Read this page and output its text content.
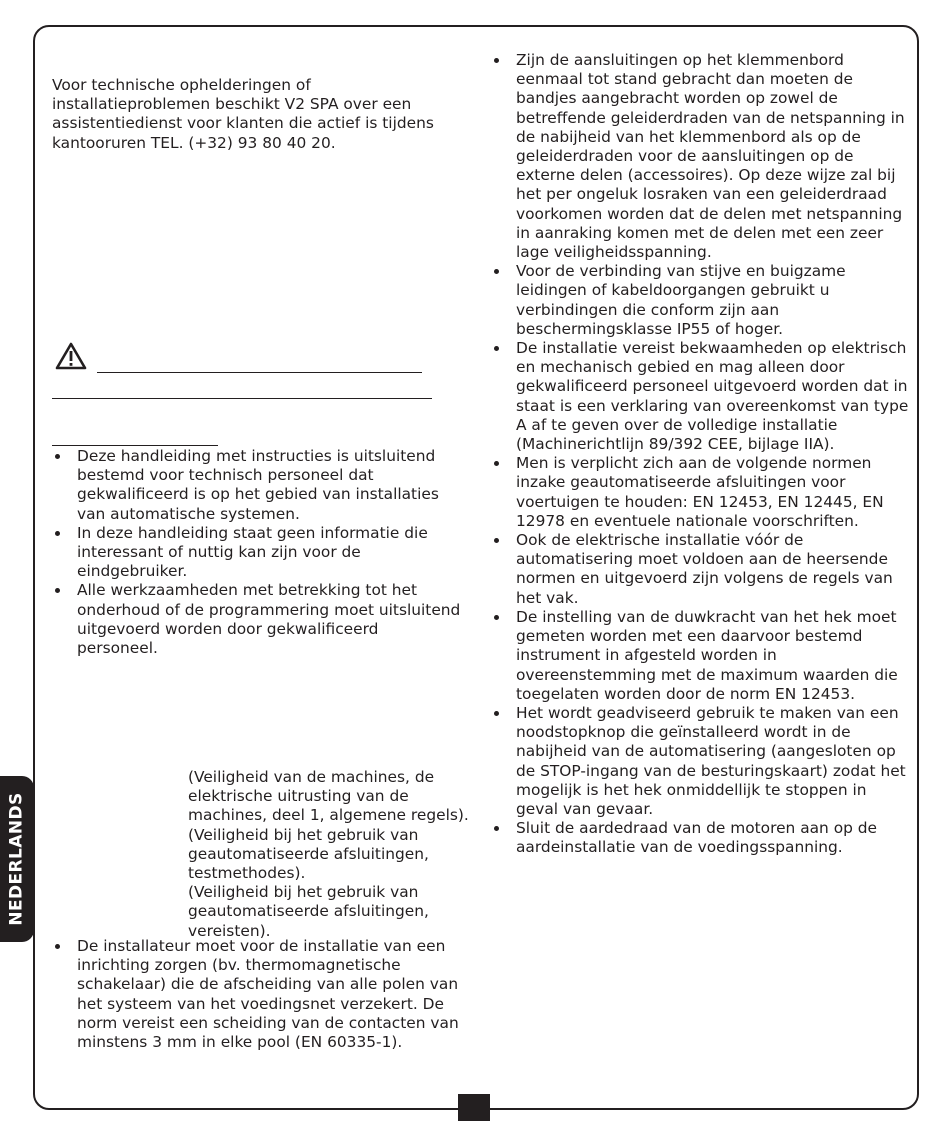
Voor technische ophelderingen of installatieproblemen beschikt V2 SPA over een assistentiedienst voor klanten die actief is tijdens kantooruren TEL. (+32) 93 80 40 20.

Deze handleiding met instructies is uitsluitend bestemd voor technisch personeel dat gekwalificeerd is op het gebied van installaties van automatische systemen.
In deze handleiding staat geen informatie die interessant of nuttig kan zijn voor de eindgebruiker.
Alle werkzaamheden met betrekking tot het onderhoud of de programmering moet uitsluitend uitgevoerd worden door gekwalificeerd personeel.

(Veiligheid van de machines, de elektrische uitrusting van de machines, deel 1, algemene regels).

(Veiligheid bij het gebruik van geautomatiseerde afsluitingen, testmethodes).

(Veiligheid bij het gebruik van geautomatiseerde afsluitingen, vereisten).

De installateur moet voor de installatie van een inrichting zorgen (bv. thermomagnetische schakelaar) die de afscheiding van alle polen van het systeem van het voedingsnet verzekert. De norm vereist een scheiding van de contacten van minstens 3 mm in elke pool (EN 60335-1).
Zijn de aansluitingen op het klemmenbord eenmaal tot stand gebracht dan moeten de bandjes aangebracht worden op zowel de betreffende geleiderdraden van de netspanning in de nabijheid van het klemmenbord als op de geleiderdraden voor de aansluitingen op de externe delen (accessoires). Op deze wijze zal bij het per ongeluk losraken van een geleiderdraad voorkomen worden dat de delen met netspanning in aanraking komen met de delen met een zeer lage veiligheidsspanning.
Voor de verbinding van stijve en buigzame leidingen of kabeldoorgangen gebruikt u verbindingen die conform zijn aan beschermingsklasse IP55 of hoger.
De installatie vereist bekwaamheden op elektrisch en mechanisch gebied en mag alleen door gekwalificeerd personeel uitgevoerd worden dat in staat is een verklaring van overeenkomst van type A af te geven over de volledige installatie (Machinerichtlijn 89/392 CEE, bijlage IIA).
Men is verplicht zich aan de volgende normen inzake geautomatiseerde afsluitingen voor voertuigen te houden: EN 12453, EN 12445, EN 12978 en eventuele nationale voorschriften.
Ook de elektrische installatie vóór de automatisering moet voldoen aan de heersende normen en uitgevoerd zijn volgens de regels van het vak.
De instelling van de duwkracht van het hek moet gemeten worden met een daarvoor bestemd instrument in afgesteld worden in overeenstemming met de maximum waarden die toegelaten worden door de norm EN 12453.
Het wordt geadviseerd gebruik te maken van een noodstopknop die geïnstalleerd wordt in de nabijheid van de automatisering (aangesloten op de STOP-ingang van de besturingskaart) zodat het mogelijk is het hek onmiddellijk te stoppen in geval van gevaar.
Sluit de aardedraad van de motoren aan op de aardeinstallatie van de voedingsspanning.
NEDERLANDS
